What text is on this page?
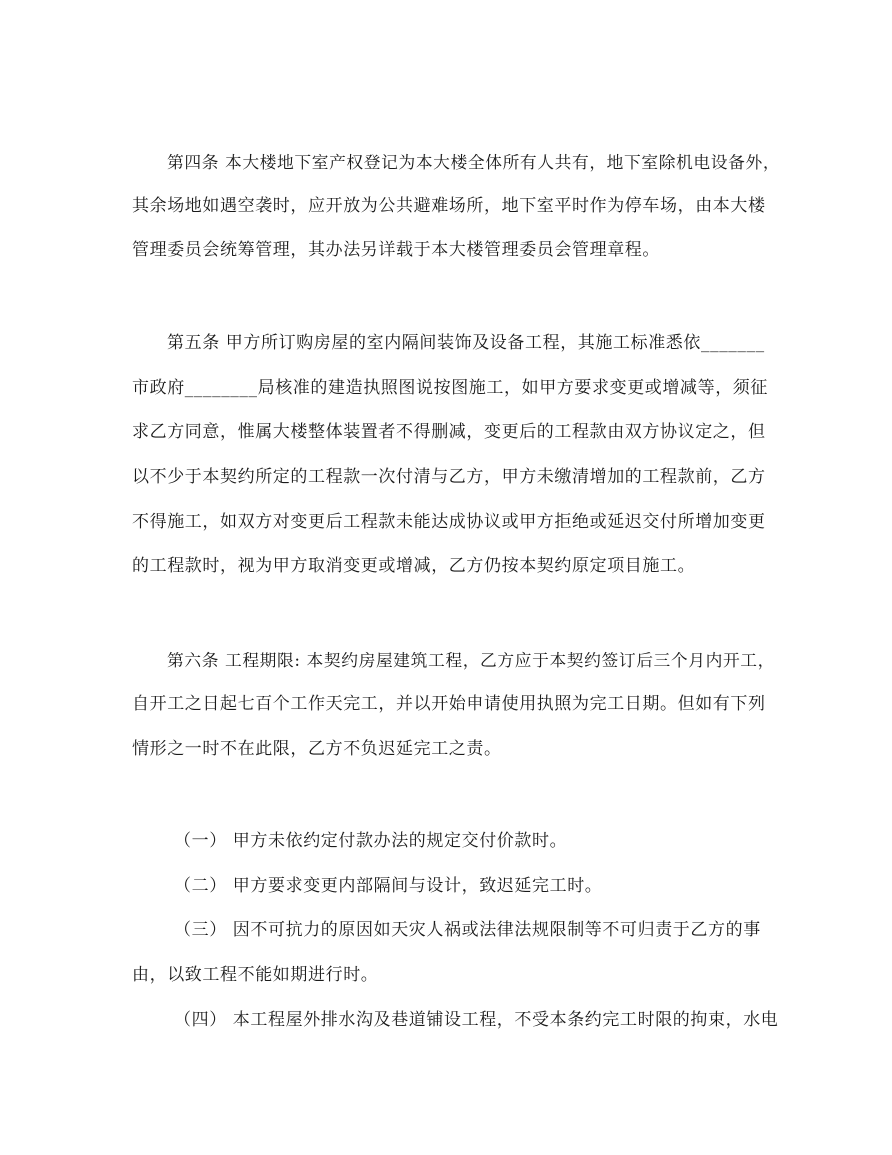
第四条 本大楼地下室产权登记为本大楼全体所有人共有，地下室除机电设备外，
其余场地如遇空袭时，应开放为公共避难场所，地下室平时作为停车场，由本大楼
管理委员会统筹管理，其办法另详载于本大楼管理委员会管理章程。
第五条 甲方所订购房屋的室内隔间装饰及设备工程，其施工标准悉依_______
市政府________局核准的建造执照图说按图施工，如甲方要求变更或增减等，须征
求乙方同意，惟属大楼整体装置者不得删减，变更后的工程款由双方协议定之，但
以不少于本契约所定的工程款一次付清与乙方，甲方未缴清增加的工程款前，乙方
不得施工，如双方对变更后工程款未能达成协议或甲方拒绝或延迟交付所增加变更
的工程款时，视为甲方取消变更或增减，乙方仍按本契约原定项目施工。
第六条 工程期限: 本契约房屋建筑工程，乙方应于本契约签订后三个月内开工，
自开工之日起七百个工作天完工，并以开始申请使用执照为完工日期。但如有下列
情形之一时不在此限，乙方不负迟延完工之责。
（一） 甲方未依约定付款办法的规定交付价款时。
（二） 甲方要求变更内部隔间与设计，致迟延完工时。
（三） 因不可抗力的原因如天灾人祸或法律法规限制等不可归责于乙方的事
由，以致工程不能如期进行时。
（四） 本工程屋外排水沟及巷道铺设工程，不受本条约完工时限的拘束，水电
